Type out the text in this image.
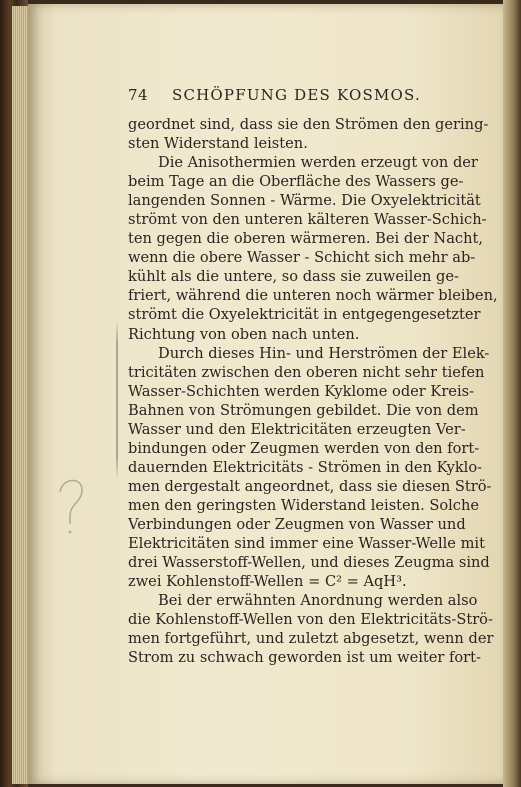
74 SCHÖPFUNG DES KOSMOS.
geordnet sind, dass sie den Strömen den gering-
sten Widerstand leisten.
Die Anisothermien werden erzeugt von der
beim Tage an die Oberfläche des Wassers ge-
langenden Sonnen - Wärme. Die Oxyelektricität
strömt von den unteren kälteren Wasser-Schich-
ten gegen die oberen wärmeren. Bei der Nacht,
wenn die obere Wasser - Schicht sich mehr ab-
kühlt als die untere, so dass sie zuweilen ge-
friert, während die unteren noch wärmer bleiben,
strömt die Oxyelektricität in entgegengesetzter
Richtung von oben nach unten.
Durch dieses Hin- und Herströmen der Elek-
tricitäten zwischen den oberen nicht sehr tiefen
Wasser-Schichten werden Kyklome oder Kreis-
Bahnen von Strömungen gebildet. Die von dem
Wasser und den Elektricitäten erzeugten Ver-
bindungen oder Zeugmen werden von den fort-
dauernden Elektricitäts - Strömen in den Kyklo-
men dergestalt angeordnet, dass sie diesen Strö-
men den geringsten Widerstand leisten. Solche
Verbindungen oder Zeugmen von Wasser und
Elektricitäten sind immer eine Wasser-Welle mit
drei Wasserstoff-Wellen, und dieses Zeugma sind
zwei Kohlenstoff-Wellen = C² = AqH³.
Bei der erwähnten Anordnung werden also
die Kohlenstoff-Wellen von den Elektricitäts-Strö-
men fortgeführt, und zuletzt abgesetzt, wenn der
Strom zu schwach geworden ist um weiter fort-
